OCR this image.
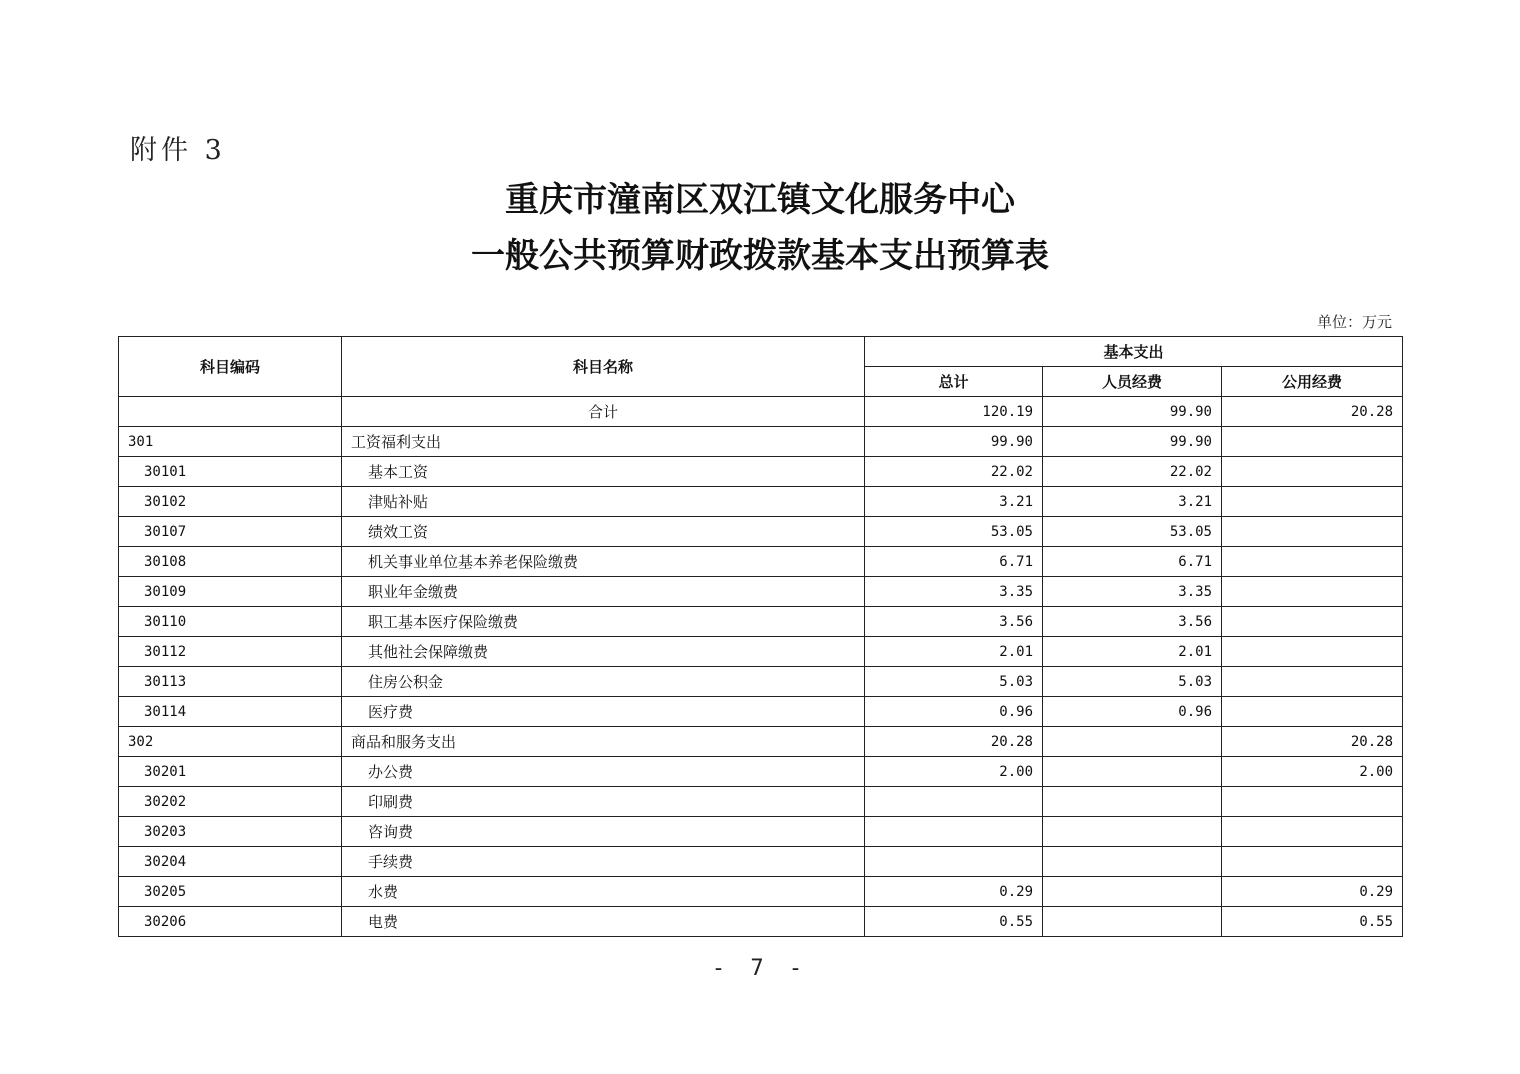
附件 3
重庆市潼南区双江镇文化服务中心
一般公共预算财政拨款基本支出预算表
单位：万元
科目编码	科目名称	基本支出		
		总计	人员经费	公用经费
	合计	120.19	99.90	20.28
301	工资福利支出	99.90	99.90	
30101	基本工资	22.02	22.02	
30102	津贴补贴	3.21	3.21	
30107	绩效工资	53.05	53.05	
30108	机关事业单位基本养老保险缴费	6.71	6.71	
30109	职业年金缴费	3.35	3.35	
30110	职工基本医疗保险缴费	3.56	3.56	
30112	其他社会保障缴费	2.01	2.01	
30113	住房公积金	5.03	5.03	
30114	医疗费	0.96	0.96	
302	商品和服务支出	20.28		20.28
30201	办公费	2.00		2.00
30202	印刷费			
30203	咨询费			
30204	手续费			
30205	水费	0.29		0.29
30206	电费	0.55		0.55
- 7 -
